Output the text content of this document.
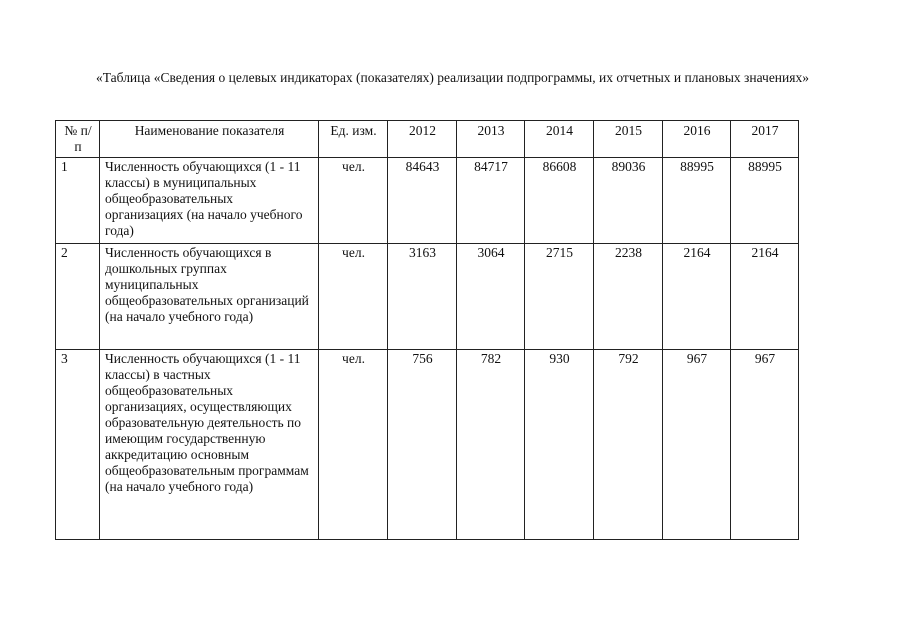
«Таблица «Сведения о целевых индикаторах (показателях) реализации подпрограммы, их отчетных и плановых значениях»
№ п/п	Наименование показателя	Ед. изм.	2012	2013	2014	2015	2016	2017
1	Численность обучающихся (1 - 11 классы) в муниципальных общеобразовательных организациях (на начало учебного года)	чел.	84643	84717	86608	89036	88995	88995
2	Численность обучающихся в дошкольных группах муниципальных общеобразовательных организаций (на начало учебного года)	чел.	3163	3064	2715	2238	2164	2164
3	Численность обучающихся (1 - 11 классы) в частных общеобразовательных организациях, осуществляющих образовательную деятельность по имеющим государственную аккредитацию основным общеобразовательным программам (на начало учебного года)	чел.	756	782	930	792	967	967
